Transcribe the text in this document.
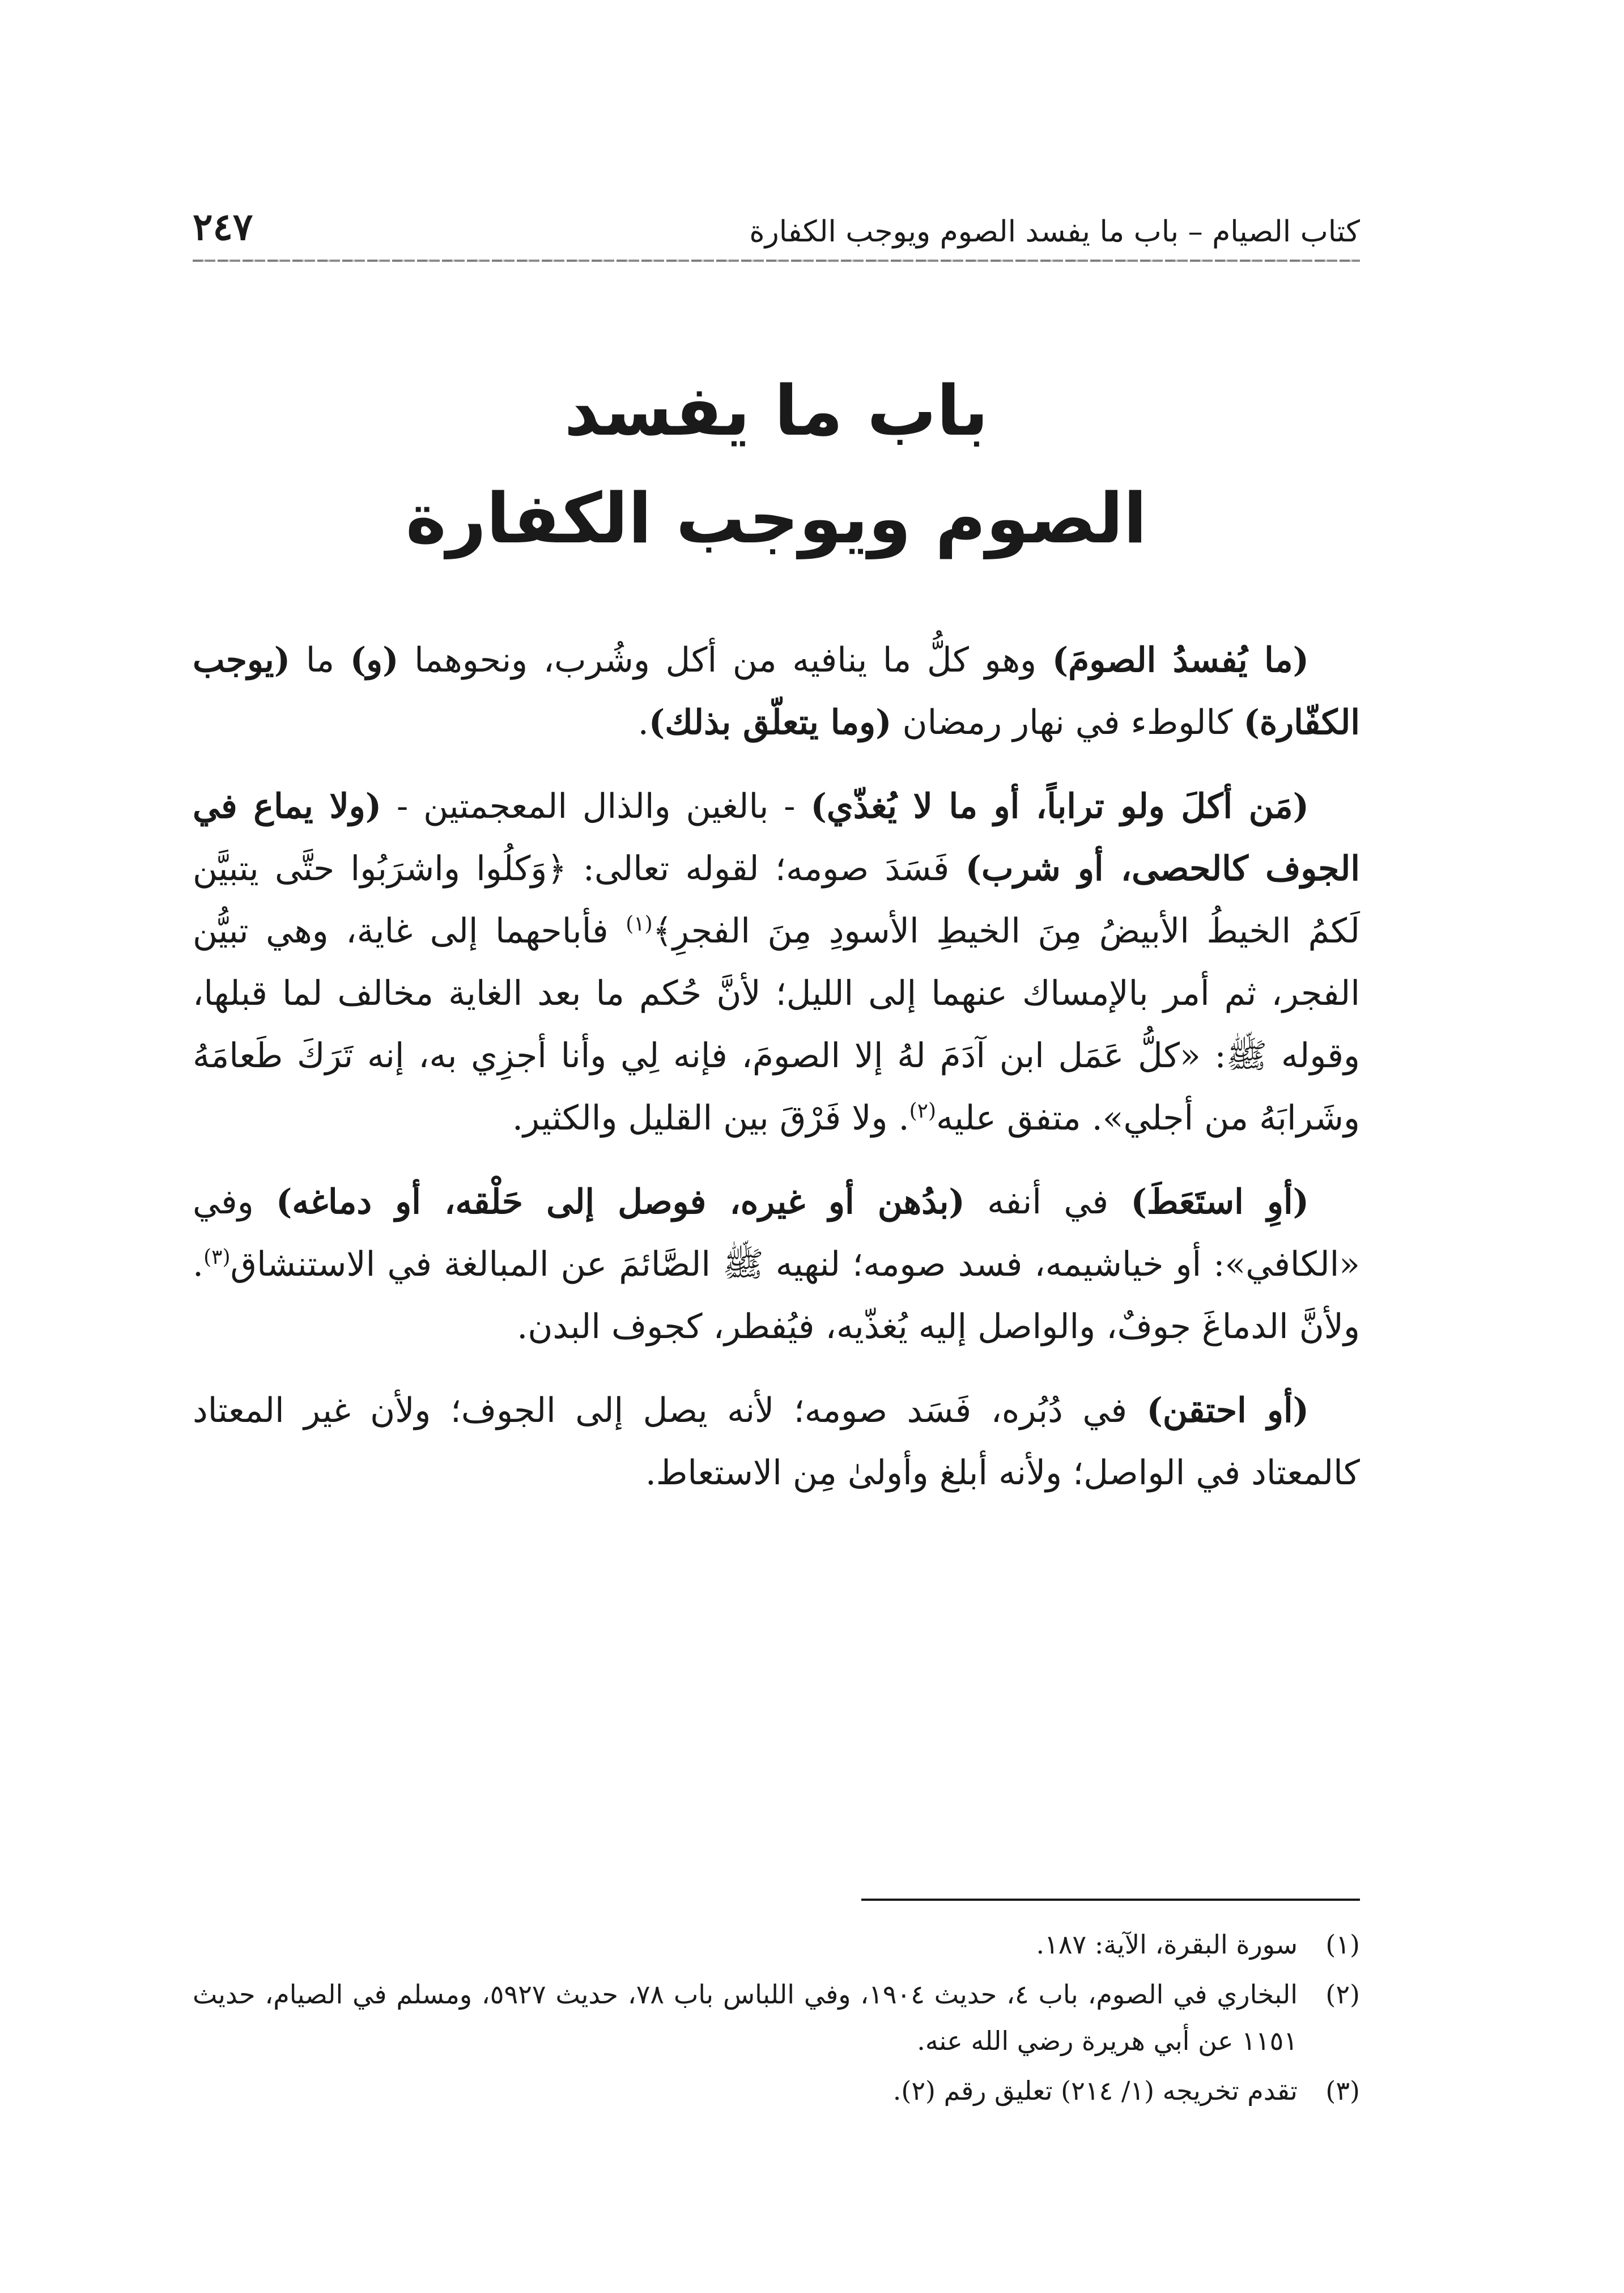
كتاب الصيام – باب ما يفسد الصوم ويوجب الكفارة
٢٤٧
باب ما يفسد
الصوم ويوجب الكفارة

(ما يُفسدُ الصومَ) وهو كلُّ ما ينافيه من أكل وشُرب، ونحوهما (و) ما (يوجب الكفّارة) كالوطء في نهار رمضان (وما يتعلّق بذلك).

(مَن أكلَ ولو تراباً، أو ما لا يُغذّي) - بالغين والذال المعجمتين - (ولا يماع في الجوف كالحصى، أو شرب) فَسَدَ صومه؛ لقوله تعالى: ﴿وَكلُوا واشرَبُوا حتَّى يتبيَّن لَكمُ الخيطُ الأبيضُ مِنَ الخيطِ الأسودِ مِنَ الفجرِ﴾$^{(١)}$ فأباحهما إلى غاية، وهي تبيُّن الفجر، ثم أمر بالإمساك عنهما إلى الليل؛ لأنَّ حُكم ما بعد الغاية مخالف لما قبلها، وقوله ﷺ: «كلُّ عَمَل ابن آدَمَ لهُ إلا الصومَ، فإنه لِي وأنا أجزِي به، إنه تَرَكَ طَعامَهُ وشَرابَهُ من أجلي». متفق عليه$^{(٢)}$. ولا فَرْقَ بين القليل والكثير.

(أوِ استَعَطَ) في أنفه (بدُهن أو غيره، فوصل إلى حَلْقه، أو دماغه) وفي «الكافي»: أو خياشيمه، فسد صومه؛ لنهيه ﷺ الصَّائمَ عن المبالغة في الاستنشاق$^{(٣)}$. ولأنَّ الدماغَ جوفٌ، والواصل إليه يُغذّيه، فيُفطر، كجوف البدن.

(أو احتقن) في دُبُره، فَسَد صومه؛ لأنه يصل إلى الجوف؛ ولأن غير المعتاد كالمعتاد في الواصل؛ ولأنه أبلغ وأولىٰ مِن الاستعاط.

(١)
سورة البقرة، الآية: ١٨٧.
(٢)
البخاري في الصوم، باب ٤، حديث ١٩٠٤، وفي اللباس باب ٧٨، حديث ٥٩٢٧، ومسلم في الصيام، حديث ١١٥١ عن أبي هريرة رضي الله عنه.
(٣)
تقدم تخريجه (١/ ٢١٤) تعليق رقم (٢).
